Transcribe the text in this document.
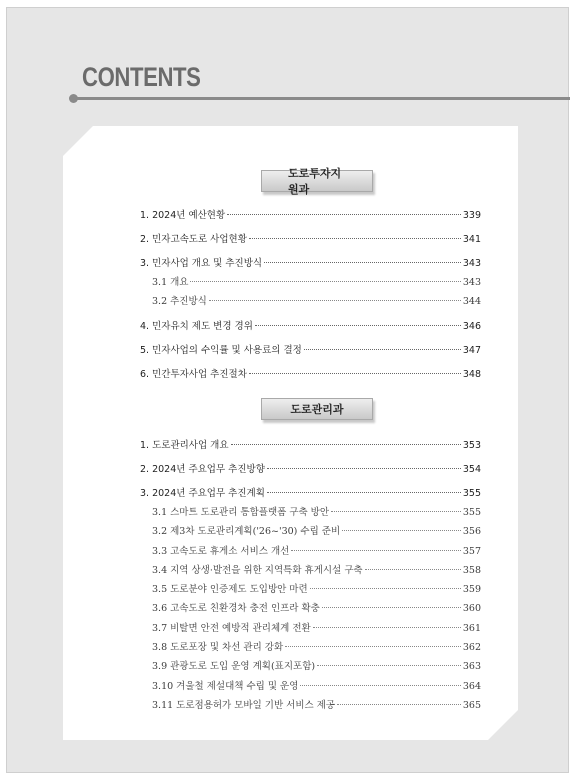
CONTENTS
도로투자지원과
1. 2024년 예산현황	339
2. 민자고속도로 사업현황	341
3. 민자사업 개요 및 추진방식	343
3.1 개요	343
3.2 추진방식	344
4. 민자유치 제도 변경 경위	346
5. 민자사업의 수익률 및 사용료의 결정	347
6. 민간투자사업 추진절차	348
도로관리과
1. 도로관리사업 개요	353
2. 2024년 주요업무 추진방향	354
3. 2024년 주요업무 추진계획	355
3.1 스마트 도로관리 통합플랫폼 구축 방안	355
3.2 제3차 도로관리계획('26~'30) 수립 준비	356
3.3 고속도로 휴게소 서비스 개선	357
3.4 지역 상생·발전을 위한 지역특화 휴게시설 구축	358
3.5 도로분야 인증제도 도입방안 마련	359
3.6 고속도로 친환경차 충전 인프라 확충	360
3.7 비탈면 안전 예방적 관리체계 전환	361
3.8 도로포장 및 차선 관리 강화	362
3.9 관광도로 도입 운영 계획(표지포함)	363
3.10 겨울철 제설대책 수립 및 운영	364
3.11 도로점용허가 모바일 기반 서비스 제공	365
